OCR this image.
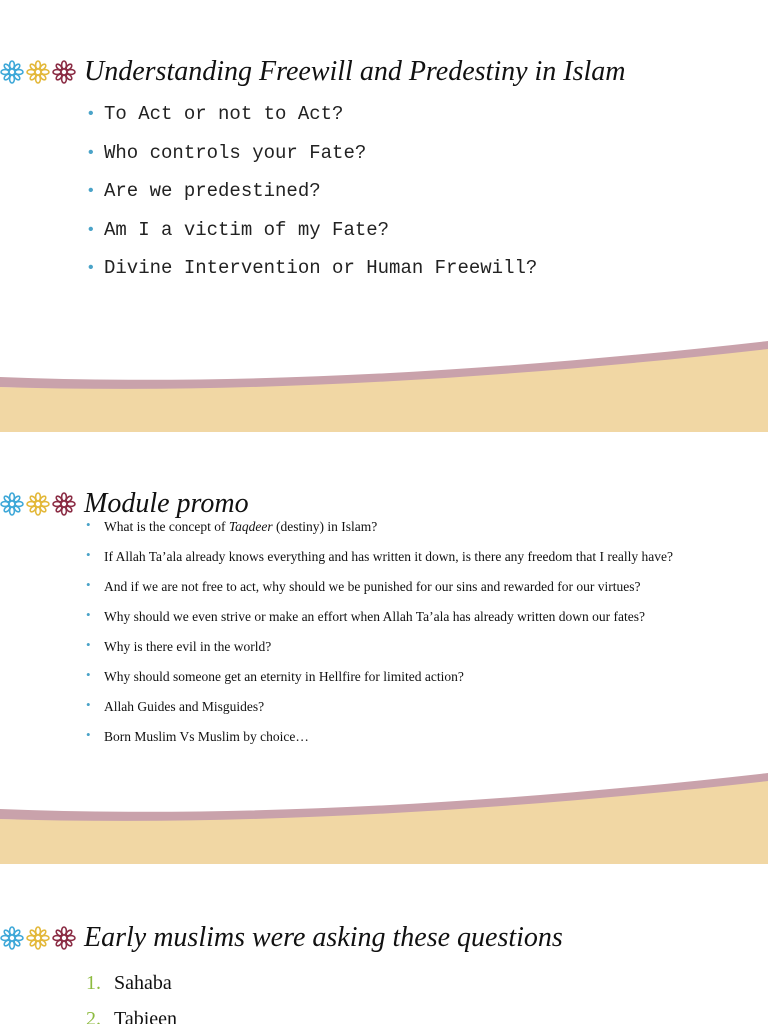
Understanding Freewill and Predestiny in Islam
• To Act or not to Act?
• Who controls your Fate?
• Are we predestined?
• Am I a victim of my Fate?
• Divine Intervention or Human Freewill?
Module promo
• What is the concept of Taqdeer (destiny) in Islam?
• If Allah Ta’ala already knows everything and has written it down, is there any freedom that I really have?
• And if we are not free to act, why should we be punished for our sins and rewarded for our virtues?
• Why should we even strive or make an effort when Allah Ta’ala has already written down our fates?
• Why is there evil in the world?
• Why should someone get an eternity in Hellfire for limited action?
• Allah Guides and Misguides?
• Born Muslim Vs Muslim by choice…
Early muslims were asking these questions
1. Sahaba
2. Tabieen
